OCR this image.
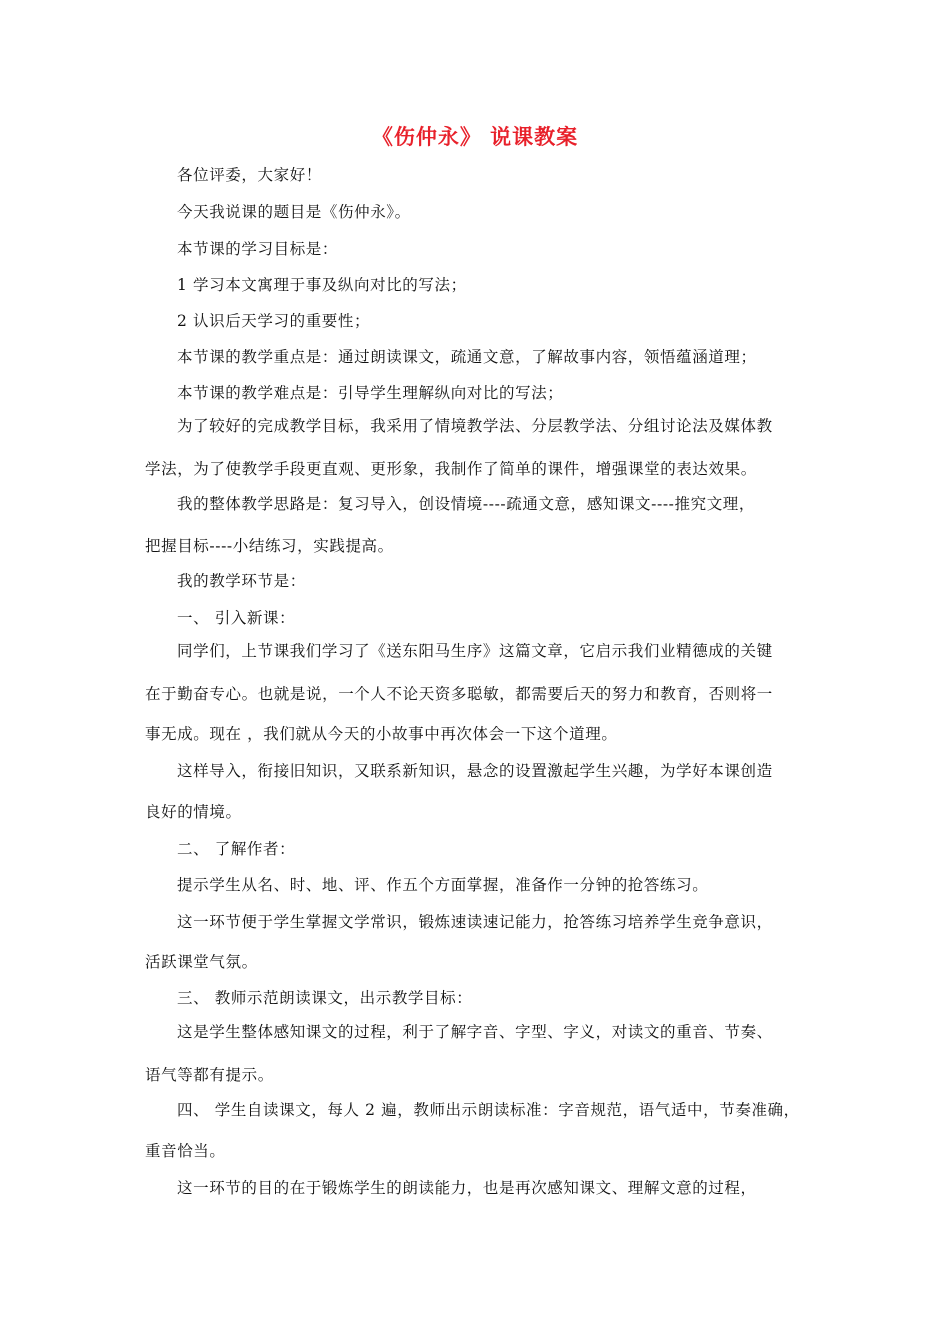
《伤仲永》 说课教案
各位评委，大家好！
今天我说课的题目是《伤仲永》。
本节课的学习目标是：
1 学习本文寓理于事及纵向对比的写法；
2 认识后天学习的重要性；
本节课的教学重点是：通过朗读课文，疏通文意，了解故事内容，领悟蕴涵道理；
本节课的教学难点是：引导学生理解纵向对比的写法；
为了较好的完成教学目标，我采用了情境教学法、分层教学法、分组讨论法及媒体教
学法，为了使教学手段更直观、更形象，我制作了简单的课件，增强课堂的表达效果。
我的整体教学思路是：复习导入，创设情境----疏通文意，感知课文----推究文理，
把握目标----小结练习，实践提高。
我的教学环节是：
一、 引入新课：
同学们，上节课我们学习了《送东阳马生序》这篇文章，它启示我们业精德成的关键
在于勤奋专心。也就是说，一个人不论天资多聪敏，都需要后天的努力和教育，否则将一
事无成。现在 ，我们就从今天的小故事中再次体会一下这个道理。
这样导入，衔接旧知识，又联系新知识，悬念的设置激起学生兴趣，为学好本课创造
良好的情境。
二、 了解作者：
提示学生从名、时、地、评、作五个方面掌握，准备作一分钟的抢答练习。
这一环节便于学生掌握文学常识，锻炼速读速记能力，抢答练习培养学生竞争意识，
活跃课堂气氛。
三、 教师示范朗读课文，出示教学目标：
这是学生整体感知课文的过程，利于了解字音、字型、字义，对读文的重音、节奏、
语气等都有提示。
四、 学生自读课文，每人 2 遍，教师出示朗读标准：字音规范，语气适中，节奏准确，
重音恰当。
这一环节的目的在于锻炼学生的朗读能力，也是再次感知课文、理解文意的过程，
